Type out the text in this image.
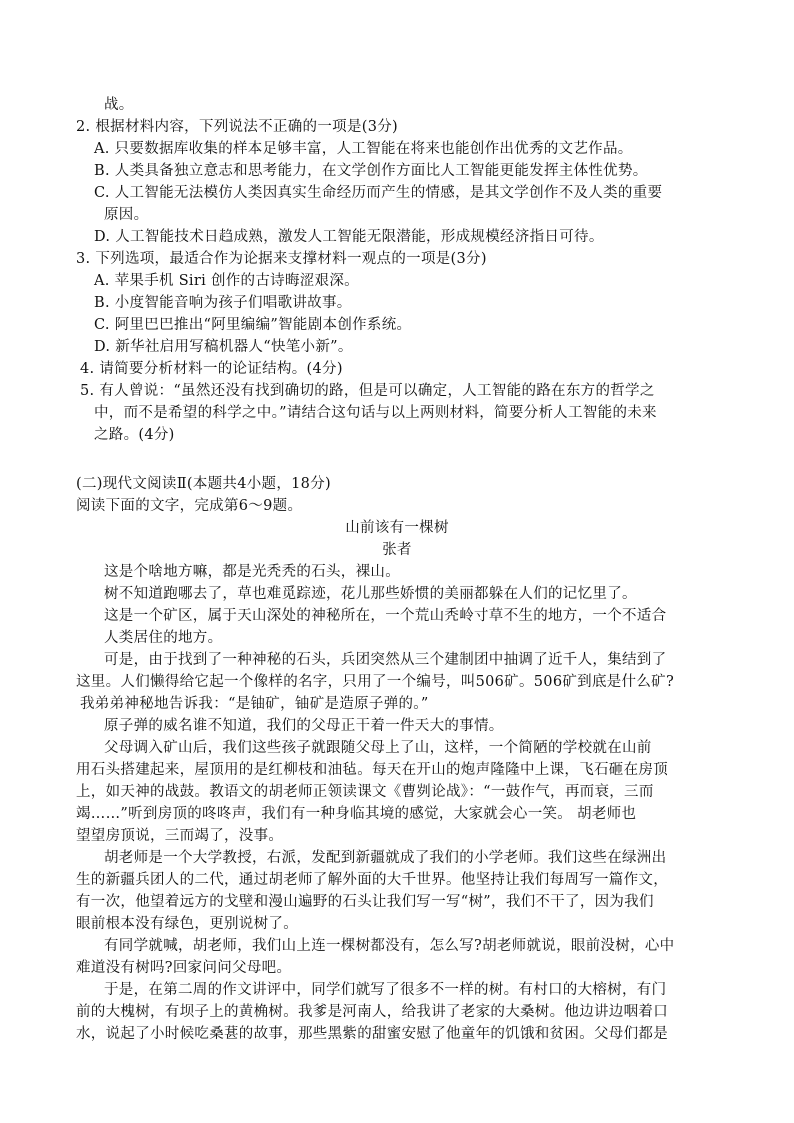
战。
2. 根据材料内容，下列说法不正确的一项是(3分)
A. 只要数据库收集的样本足够丰富，人工智能在将来也能创作出优秀的文艺作品。
B. 人类具备独立意志和思考能力，在文学创作方面比人工智能更能发挥主体性优势。
C. 人工智能无法模仿人类因真实生命经历而产生的情感，是其文学创作不及人类的重要
原因。
D. 人工智能技术日趋成熟，激发人工智能无限潜能，形成规模经济指日可待。
3. 下列选项，最适合作为论据来支撑材料一观点的一项是(3分)
A. 苹果手机 Siri 创作的古诗晦涩艰深。
B. 小度智能音响为孩子们唱歌讲故事。
C. 阿里巴巴推出“阿里编编”智能剧本创作系统。
D. 新华社启用写稿机器人“快笔小新”。
4. 请简要分析材料一的论证结构。(4分)
5. 有人曾说：“虽然还没有找到确切的路，但是可以确定，人工智能的路在东方的哲学之
中，而不是希望的科学之中。”请结合这句话与以上两则材料，简要分析人工智能的未来
之路。(4分)
(二)现代文阅读Ⅱ(本题共4小题，18分)
阅读下面的文字，完成第6～9题。
山前该有一棵树
张者
这是个啥地方嘛，都是光秃秃的石头，裸山。
树不知道跑哪去了，草也难觅踪迹，花儿那些娇惯的美丽都躲在人们的记忆里了。
这是一个矿区，属于天山深处的神秘所在，一个荒山秃岭寸草不生的地方，一个不适合
人类居住的地方。
可是，由于找到了一种神秘的石头，兵团突然从三个建制团中抽调了近千人，集结到了
这里。人们懒得给它起一个像样的名字，只用了一个编号，叫506矿。506矿到底是什么矿?
我弟弟神秘地告诉我：“是铀矿，铀矿是造原子弹的。”
原子弹的威名谁不知道，我们的父母正干着一件天大的事情。
父母调入矿山后，我们这些孩子就跟随父母上了山，这样，一个简陋的学校就在山前
用石头搭建起来，屋顶用的是红柳枝和油毡。每天在开山的炮声隆隆中上课，飞石砸在房顶
上，如天神的战鼓。教语文的胡老师正领读课文《曹刿论战》：“一鼓作气，再而衰，三而
竭……”听到房顶的咚咚声，我们有一种身临其境的感觉，大家就会心一笑。 胡老师也
望望房顶说，三而竭了，没事。
胡老师是一个大学教授，右派，发配到新疆就成了我们的小学老师。我们这些在绿洲出
生的新疆兵团人的二代，通过胡老师了解外面的大千世界。他坚持让我们每周写一篇作文，
有一次，他望着远方的戈壁和漫山遍野的石头让我们写一写“树”，我们不干了，因为我们
眼前根本没有绿色，更别说树了。
有同学就喊，胡老师，我们山上连一棵树都没有，怎么写?胡老师就说，眼前没树，心中
难道没有树吗?回家问问父母吧。
于是，在第二周的作文讲评中，同学们就写了很多不一样的树。有村口的大榕树，有门
前的大槐树，有坝子上的黄桷树。我爹是河南人，给我讲了老家的大桑树。他边讲边咽着口
水，说起了小时候吃桑葚的故事，那些黑紫的甜蜜安慰了他童年的饥饿和贫困。父母们都是
